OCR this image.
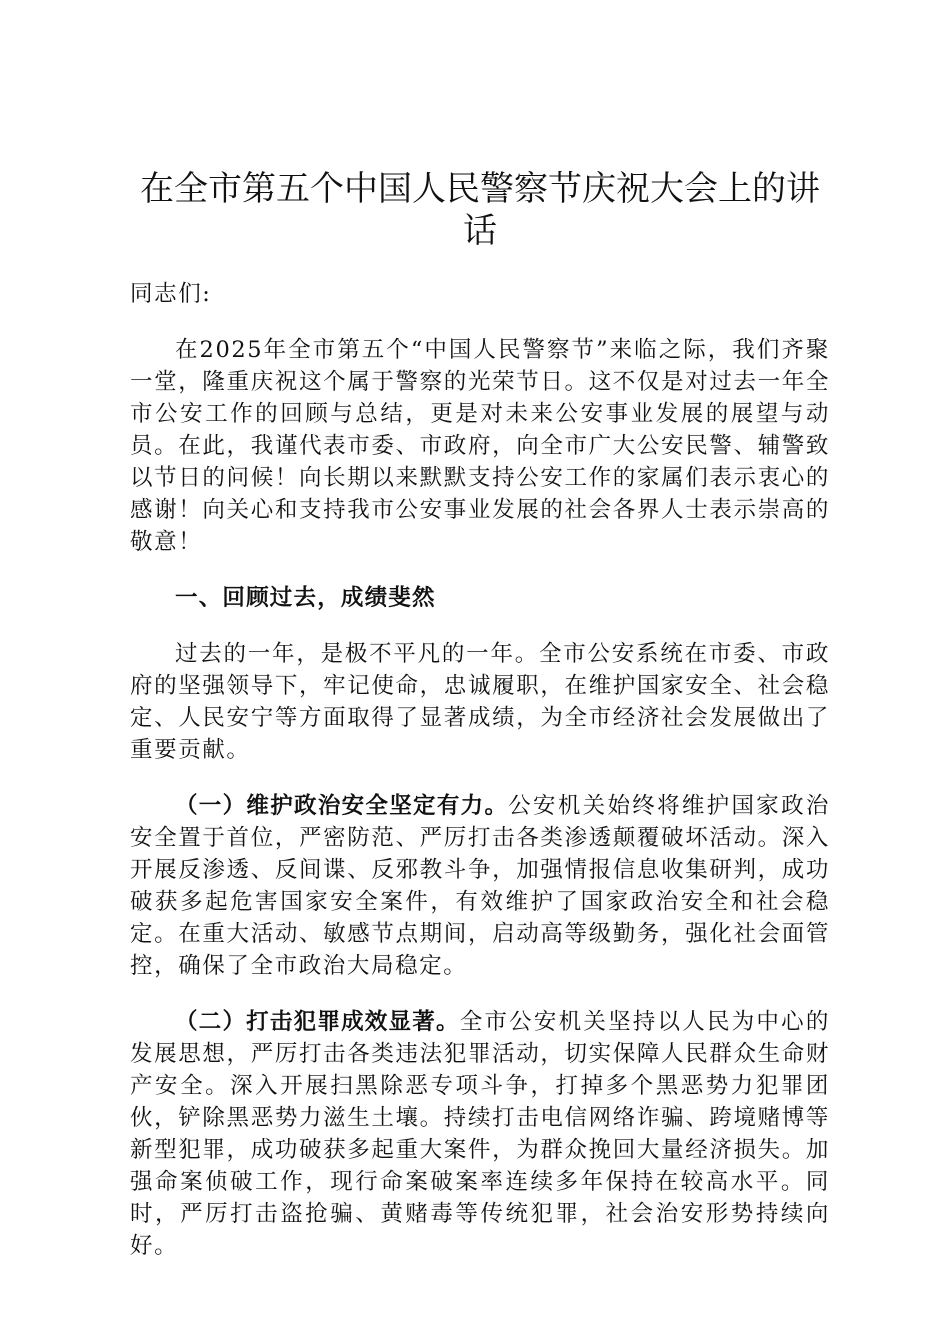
在全市第五个中国人民警察节庆祝大会上的讲话

同志们:

在2025年全市第五个“中国人民警察节”来临之际，我们齐聚一堂，隆重庆祝这个属于警察的光荣节日。这不仅是对过去一年全市公安工作的回顾与总结，更是对未来公安事业发展的展望与动员。在此，我谨代表市委、市政府，向全市广大公安民警、辅警致以节日的问候！向长期以来默默支持公安工作的家属们表示衷心的感谢！向关心和支持我市公安事业发展的社会各界人士表示崇高的敬意！

一、回顾过去，成绩斐然

过去的一年，是极不平凡的一年。全市公安系统在市委、市政府的坚强领导下，牢记使命，忠诚履职，在维护国家安全、社会稳定、人民安宁等方面取得了显著成绩，为全市经济社会发展做出了重要贡献。

（一）维护政治安全坚定有力。公安机关始终将维护国家政治安全置于首位，严密防范、严厉打击各类渗透颠覆破坏活动。深入开展反渗透、反间谍、反邪教斗争，加强情报信息收集研判，成功破获多起危害国家安全案件，有效维护了国家政治安全和社会稳定。在重大活动、敏感节点期间，启动高等级勤务，强化社会面管控，确保了全市政治大局稳定。

（二）打击犯罪成效显著。全市公安机关坚持以人民为中心的发展思想，严厉打击各类违法犯罪活动，切实保障人民群众生命财产安全。深入开展扫黑除恶专项斗争，打掉多个黑恶势力犯罪团伙，铲除黑恶势力滋生土壤。持续打击电信网络诈骗、跨境赌博等新型犯罪，成功破获多起重大案件，为群众挽回大量经济损失。加强命案侦破工作，现行命案破案率连续多年保持在较高水平。同时，严厉打击盗抢骗、黄赌毒等传统犯罪，社会治安形势持续向好。
